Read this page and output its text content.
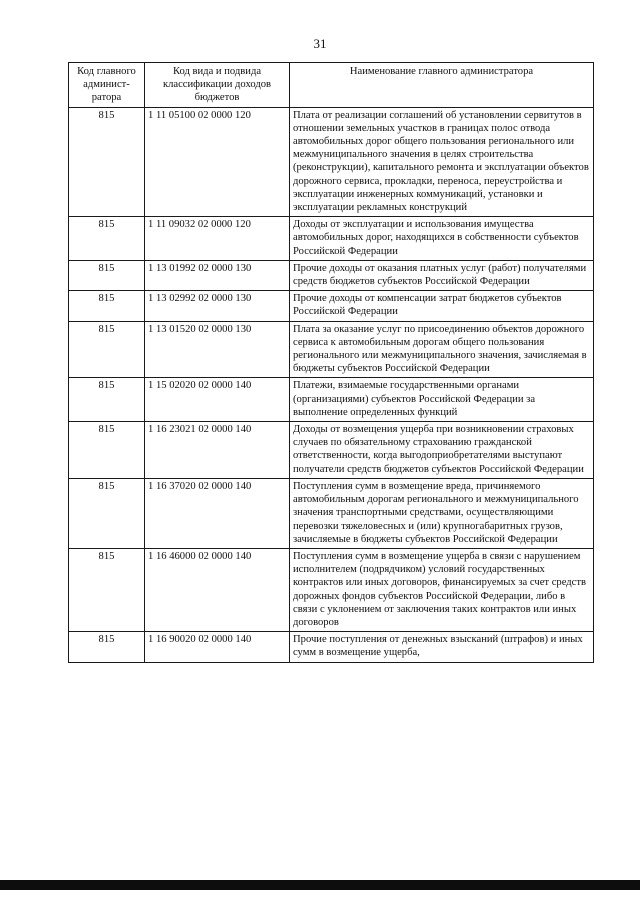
31
Код главного админист-ратора	Код вида и подвида классификации доходов бюджетов	Наименование главного администратора
815	1 11 05100 02 0000 120	Плата от реализации соглашений об установлении сервитутов в отношении земельных участков в границах полос отвода автомобильных дорог общего пользования регионального или межмуниципального значения в целях строительства (реконструкции), капитального ремонта и эксплуатации объектов дорожного сервиса, прокладки, переноса, переустройства и эксплуатации инженерных коммуникаций, установки и эксплуатации рекламных конструкций
815	1 11 09032 02 0000 120	Доходы от эксплуатации и использования имущества автомобильных дорог, находящихся в собственности субъектов Российской Федерации
815	1 13 01992 02 0000 130	Прочие доходы от оказания платных услуг (работ) получателями средств бюджетов субъектов Российской Федерации
815	1 13 02992 02 0000 130	Прочие доходы от компенсации затрат бюджетов субъектов Российской Федерации
815	1 13 01520 02 0000 130	Плата за оказание услуг по присоединению объектов дорожного сервиса к автомобильным дорогам общего пользования регионального или межмуниципального значения, зачисляемая в бюджеты субъектов Российской Федерации
815	1 15 02020 02 0000 140	Платежи, взимаемые государственными органами (организациями) субъектов Российской Федерации за выполнение определенных функций
815	1 16 23021 02 0000 140	Доходы от возмещения ущерба при возникновении страховых случаев по обязательному страхованию гражданской ответственности, когда выгодоприобретателями выступают получатели средств бюджетов субъектов Российской Федерации
815	1 16 37020 02 0000 140	Поступления сумм в возмещение вреда, причиняемого автомобильным дорогам регионального и межмуниципального значения транспортными средствами, осуществляющими перевозки тяжеловесных и (или) крупногабаритных грузов, зачисляемые в бюджеты субъектов Российской Федерации
815	1 16 46000 02 0000 140	Поступления сумм в возмещение ущерба в связи с нарушением исполнителем (подрядчиком) условий государственных контрактов или иных договоров, финансируемых за счет средств дорожных фондов субъектов Российской Федерации, либо в связи с уклонением от заключения таких контрактов или иных договоров
815	1 16 90020 02 0000 140	Прочие поступления от денежных взысканий (штрафов) и иных сумм в возмещение ущерба,
